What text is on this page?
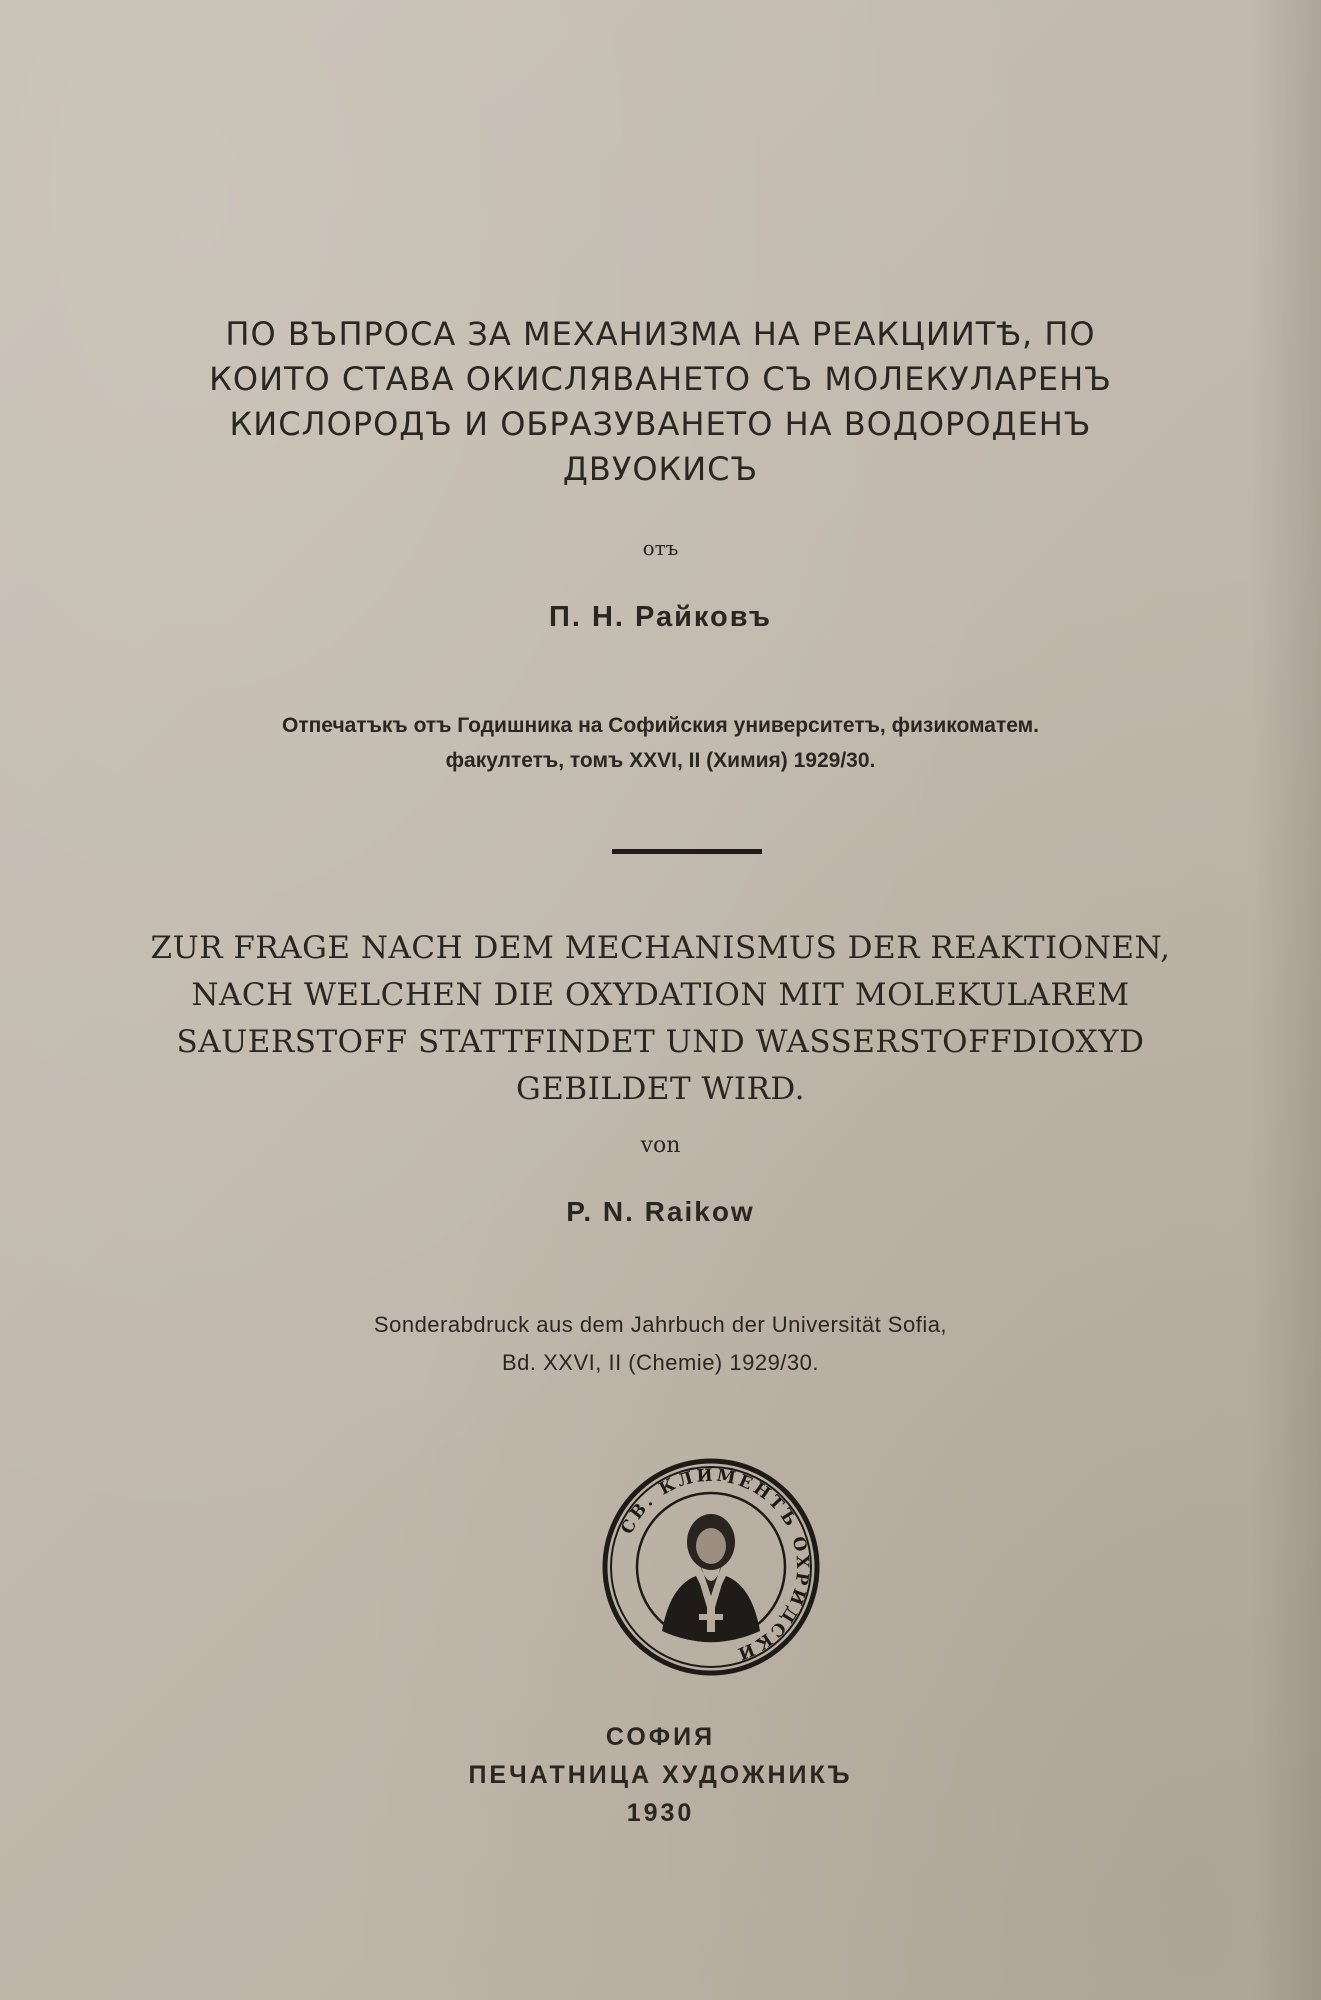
ПО ВЪПРОСА ЗА МЕХАНИЗМА НА РЕАКЦИИТѢ, ПО
КОИТО СТАВА ОКИСЛЯВАНЕТО СЪ МОЛЕКУЛАРЕНЪ
КИСЛОРОДЪ И ОБРАЗУВАНЕТО НА ВОДОРОДЕНЪ
ДВУОКИСЪ
отъ
П. Н. Райковъ
Отпечатъкъ отъ Годишника на Софийския университетъ, физикоматем.
факултетъ, томъ XXVI, II (Химия) 1929/30.
ZUR FRAGE NACH DEM MECHANISMUS DER REAKTIONEN,
NACH WELCHEN DIE OXYDATION MIT MOLEKULAREM
SAUERSTOFF STATTFINDET UND WASSERSTOFFDIOXYD
GEBILDET WIRD.
von
P. N. Raikow
Sonderabdruck aus dem Jahrbuch der Universität Sofia,
Bd. XXVI, II (Chemie) 1929/30.
СВ. КЛИМЕНТЪ ОХРИДСКИ
СОФИЯ
ПЕЧАТНИЦА ХУДОЖНИКЪ
1930
